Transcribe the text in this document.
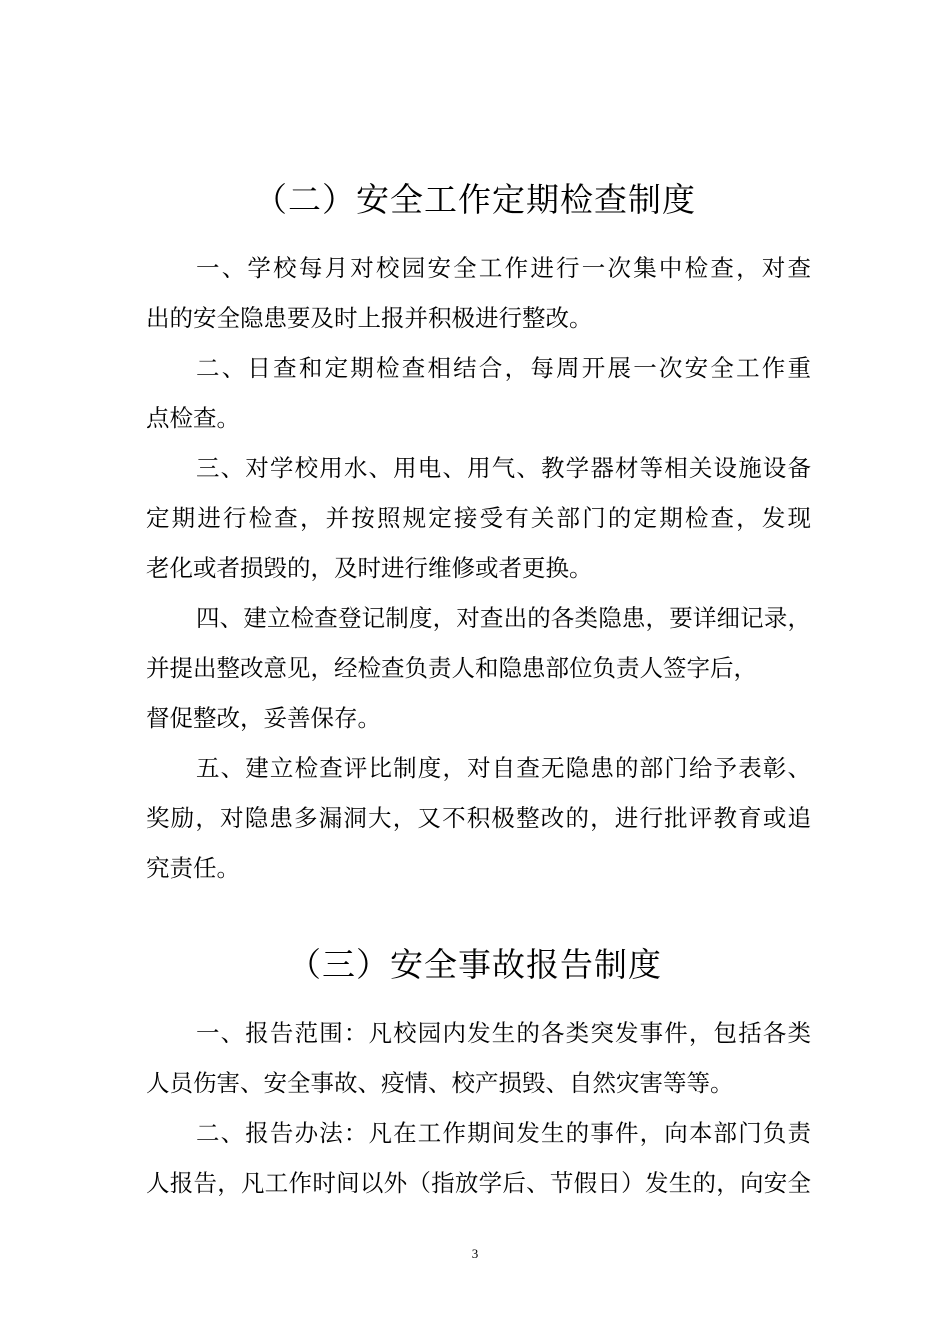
（二）安全工作定期检查制度
一、学校每月对校园安全工作进行一次集中检查，对查
出的安全隐患要及时上报并积极进行整改。
二、日查和定期检查相结合，每周开展一次安全工作重
点检查。
三、对学校用水、用电、用气、教学器材等相关设施设备
定期进行检查，并按照规定接受有关部门的定期检查，发现
老化或者损毁的，及时进行维修或者更换。
四、建立检查登记制度，对查出的各类隐患，要详细记录，
并提出整改意见，经检查负责人和隐患部位负责人签字后，
督促整改，妥善保存。
五、建立检查评比制度，对自查无隐患的部门给予表彰、
奖励，对隐患多漏洞大，又不积极整改的，进行批评教育或追
究责任。
（三）安全事故报告制度
一、报告范围：凡校园内发生的各类突发事件，包括各类
人员伤害、安全事故、疫情、校产损毁、自然灾害等等。
二、报告办法：凡在工作期间发生的事件，向本部门负责
人报告，凡工作时间以外（指放学后、节假日）发生的，向安全
3
